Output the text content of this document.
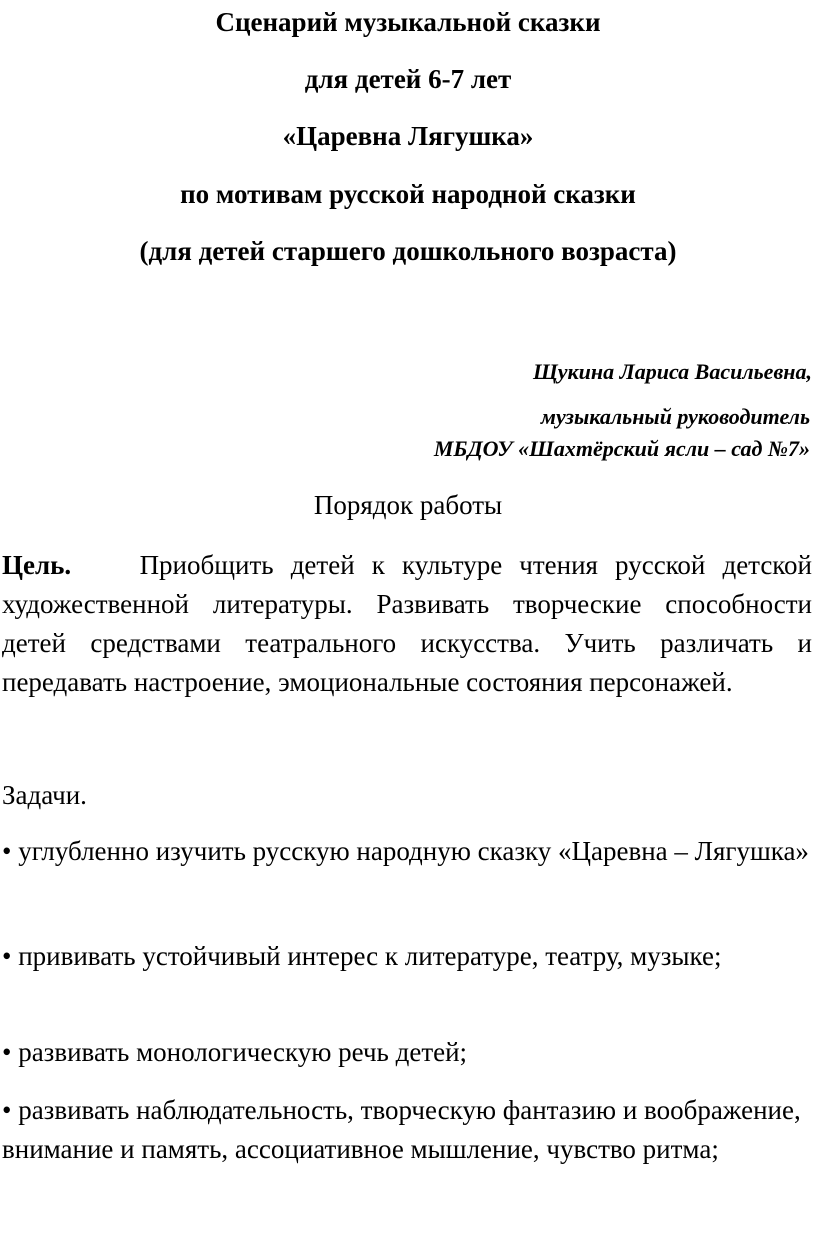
Сценарий музыкальной сказки
для детей 6-7 лет
«Царевна Лягушка»
по мотивам русской народной сказки
(для детей старшего дошкольного возраста)
Щукина Лариса Васильевна,
музыкальный руководитель
МБДОУ «Шахтёрский ясли – сад №7»
Порядок работы
Цель.	Приобщить детей к культуре чтения русской детской художественной литературы. Развивать творческие способности детей средствами театрального искусства. Учить различать и передавать настроение, эмоциональные состояния персонажей.
Задачи.
• углубленно изучить русскую народную сказку «Царевна – Лягушка»
• прививать устойчивый интерес к литературе, театру, музыке;
• развивать монологическую речь детей;
• развивать наблюдательность, творческую фантазию и воображение, внимание и память, ассоциативное мышление, чувство ритма;
